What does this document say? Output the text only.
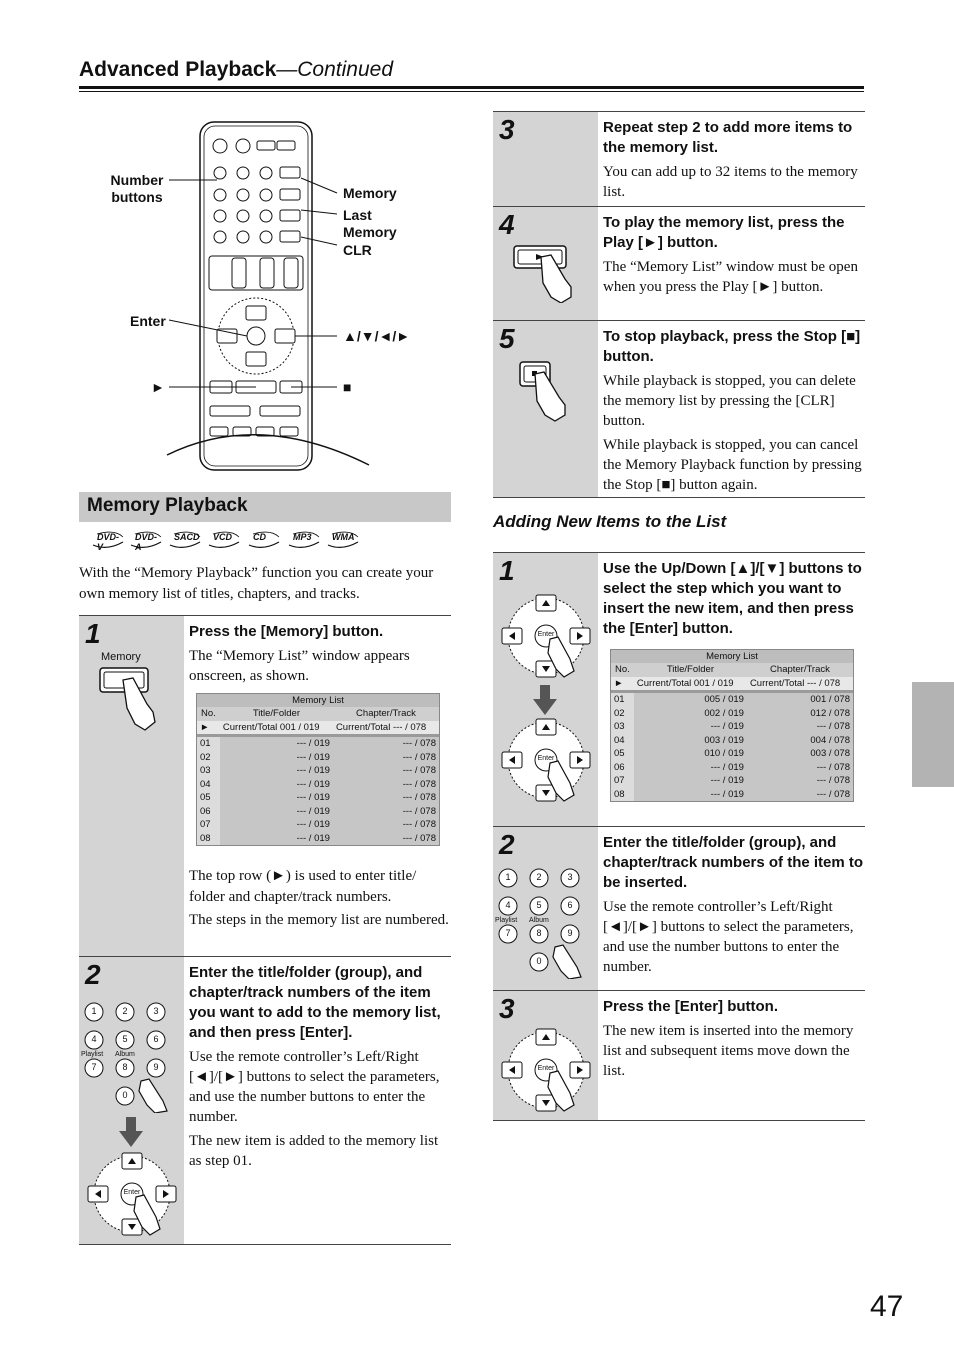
Advanced Playback—Continued
Number
buttons	Memory
Last
Memory
CLR
Enter
▲/▼/◄/►
►	■
Memory Playback
DVD-V
DVD-A
SACD VCD CD	MP3 WMA
With the “Memory Playback” function you can create your own memory list of titles, chapters, and tracks.
1
Memory
Press the [Memory] button.

The “Memory List” window appears onscreen, as shown.

Memory List
No.	Title/Folder	Chapter/Track
►	Current/Total 001 / 019	Current/Total --- / 078

01	--- / 019	--- / 078
02	--- / 019	--- / 078
03	--- / 019	--- / 078
04	--- / 019	--- / 078
05	--- / 019	--- / 078
06	--- / 019	--- / 078
07	--- / 019	--- / 078
08	--- / 019	--- / 078

The top row (►) is used to enter title/ folder and chapter/track numbers.

The steps in the memory list are numbered.

2
1	2	3
4	5	6
7	8	9
0
Playlist Album
Enter
Enter the title/folder (group), and chapter/track numbers of the item you want to add to the memory list, and then press [Enter].

Use the remote controller’s Left/Right [◄]/[►] buttons to select the parameters, and use the number buttons to enter the number.

The new item is added to the memory list as step 01.

3	Repeat step 2 to add more items to the memory list.

You can add up to 32 items to the memory list.

4	To play the memory list, press the Play [►] button.

The “Memory List” window must be open when you press the Play [►] button.

5	To stop playback, press the Stop [■] button.

While playback is stopped, you can delete the memory list by pressing the [CLR] button.

While playback is stopped, you can cancel the Memory Playback function by pressing the Stop [■] button again.

Adding New Items to the List
1
Enter
Enter
Use the Up/Down [▲]/[▼] buttons to select the step which you want to insert the new item, and then press the [Enter] button.
Memory List
No.	Title/Folder	Chapter/Track
►	Current/Total 001 / 019	Current/Total --- / 078

01	005 / 019	001 / 078
02	002 / 019	012 / 078
03	--- / 019	--- / 078
04	003 / 019	004 / 078
05	010 / 019	003 / 078
06	--- / 019	--- / 078
07	--- / 019	--- / 078
08	--- / 019	--- / 078
2
1	2	3
4	5	6
7	8	9
0
Playlist Album
Enter the title/folder (group), and chapter/track numbers of the item to be inserted.

Use the remote controller’s Left/Right [◄]/[►] buttons to select the parameters, and use the number buttons to enter the number.

3
Enter
Press the [Enter] button.

The new item is inserted into the memory list and subsequent items move down the list.

47
